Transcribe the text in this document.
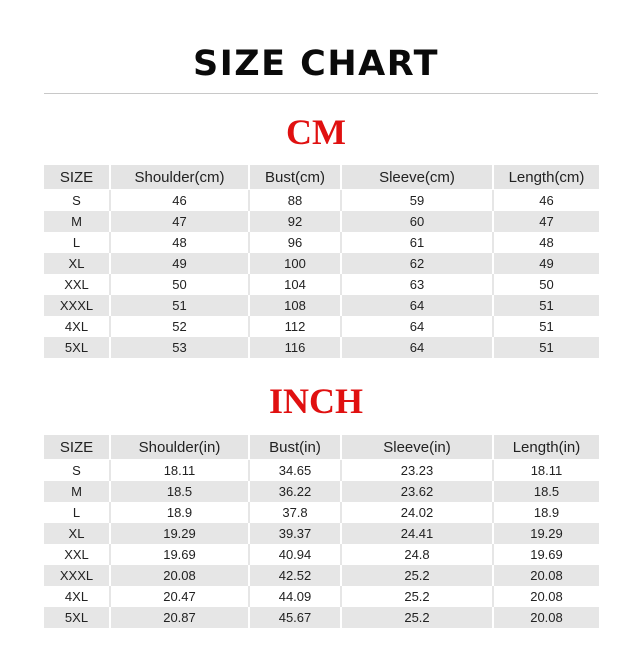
SIZE CHART
CM
SIZE	Shoulder(cm)	Bust(cm)	Sleeve(cm)	Length(cm)
S	46	88	59	46
M	47	92	60	47
L	48	96	61	48
XL	49	100	62	49
XXL	50	104	63	50
XXXL	51	108	64	51
4XL	52	112	64	51
5XL	53	116	64	51
INCH
SIZE	Shoulder(in)	Bust(in)	Sleeve(in)	Length(in)
S	18.11	34.65	23.23	18.11
M	18.5	36.22	23.62	18.5
L	18.9	37.8	24.02	18.9
XL	19.29	39.37	24.41	19.29
XXL	19.69	40.94	24.8	19.69
XXXL	20.08	42.52	25.2	20.08
4XL	20.47	44.09	25.2	20.08
5XL	20.87	45.67	25.2	20.08
